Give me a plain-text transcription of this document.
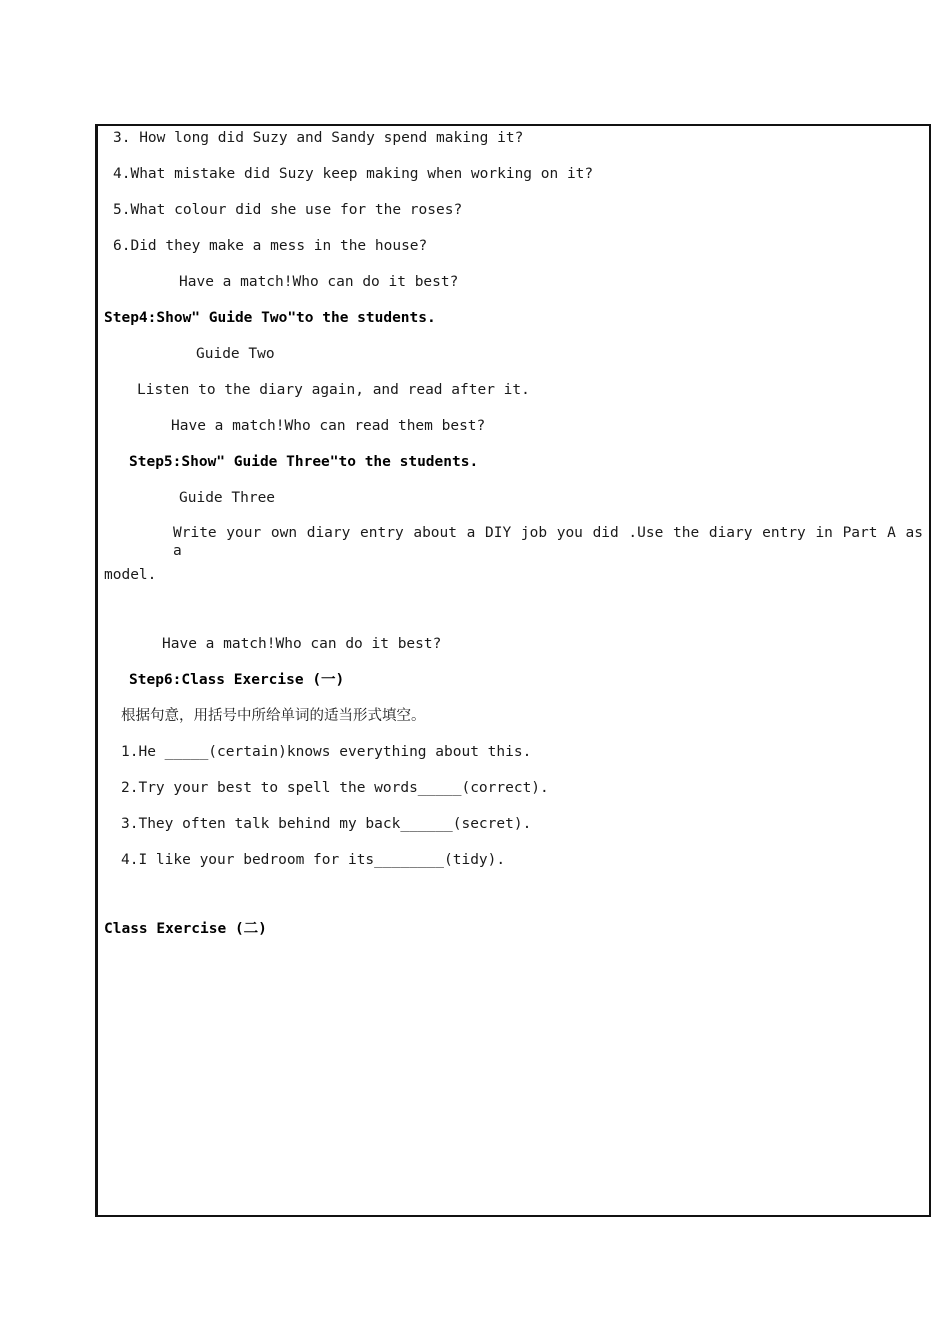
3. How long did Suzy and Sandy spend making it?
4.What mistake did Suzy keep making when working on it?
5.What colour did she use for the roses?
6.Did they make a mess in the house?
Have a match!Who can do it best?
Step4:Show" Guide Two"to the students.
Guide Two
Listen to the diary again, and read after it.
Have a match!Who can read them best?
Step5:Show" Guide Three"to the students.
Guide Three
Write your own diary entry about a DIY job you did .Use the diary entry in Part A as a
model.
Have a match!Who can do it best?
Step6:Class Exercise (一)
根据句意，用括号中所给单词的适当形式填空。
1.He _____(certain)knows everything about this.
2.Try your best to spell the words_____(correct).
3.They often talk behind my back______(secret).
4.I like your bedroom for its________(tidy).
Class Exercise (二)
